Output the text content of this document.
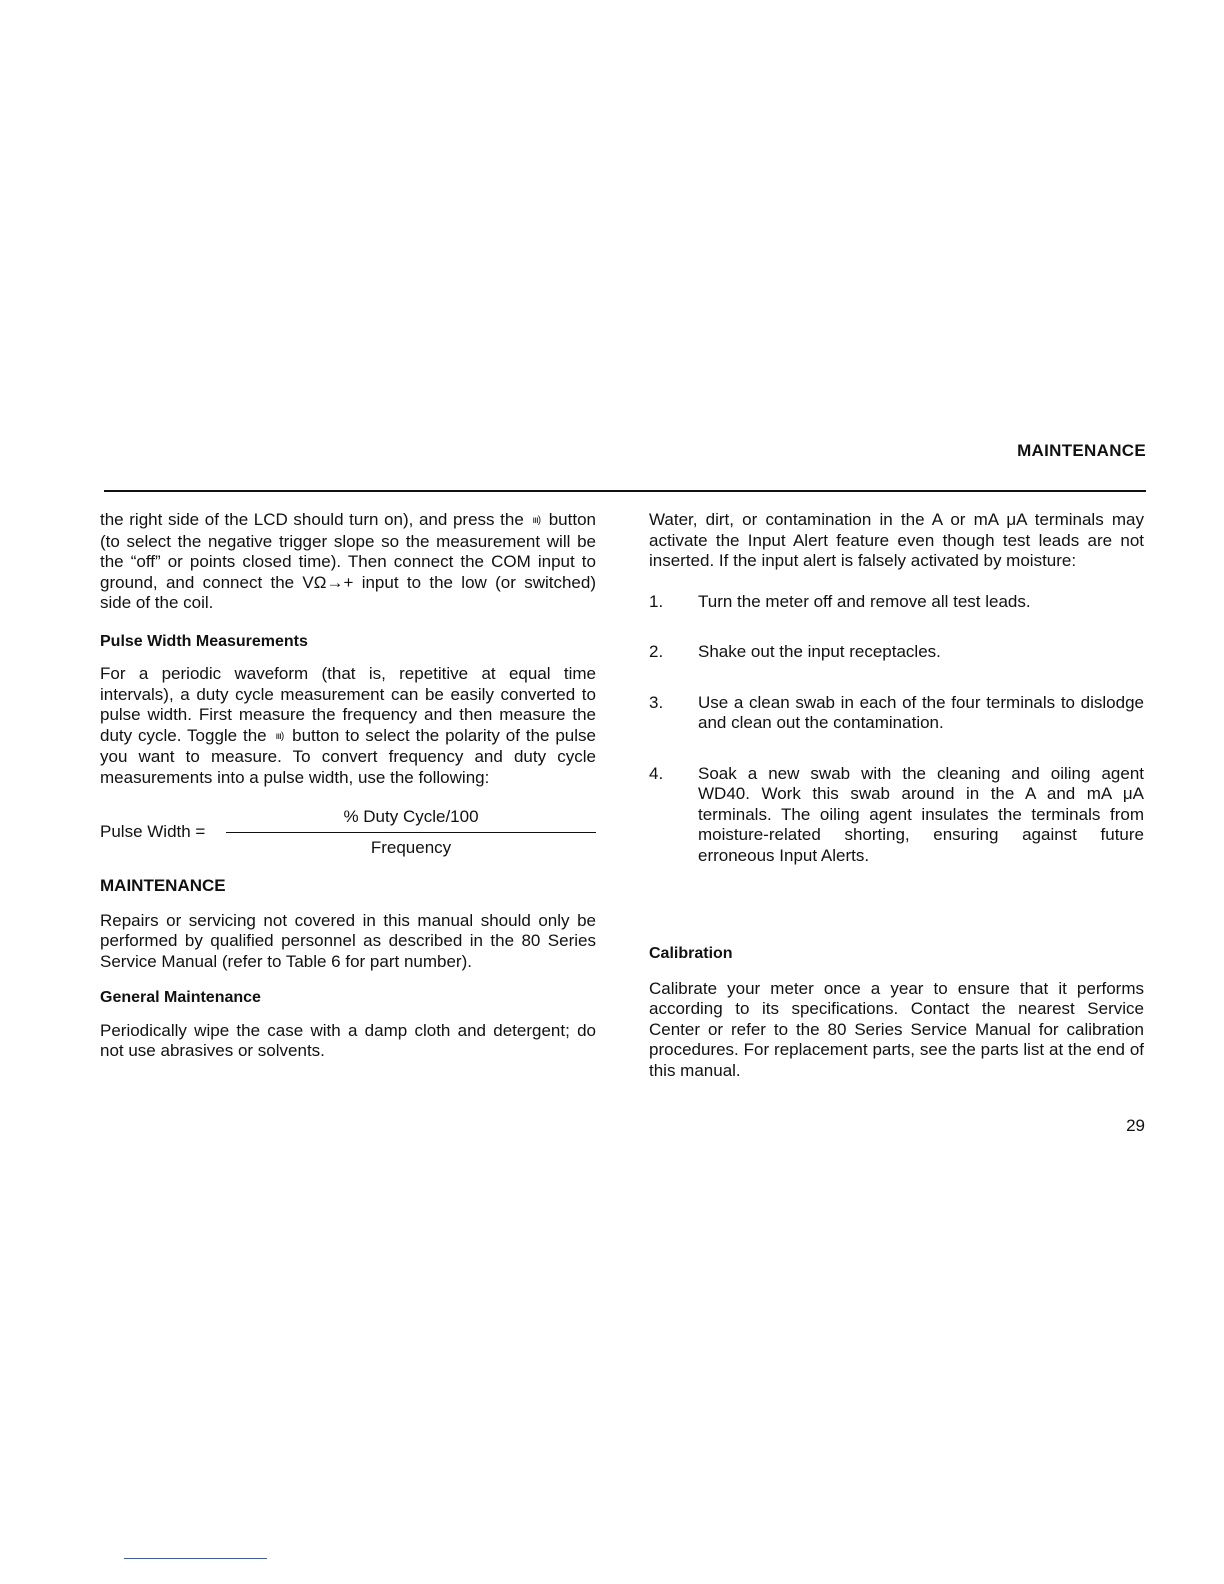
MAINTENANCE

the right side of the LCD should turn on), and press the ııı) button (to select the negative trigger slope so the measurement will be the “off” or points closed time). Then connect the COM input to ground, and connect the VΩ→+ input to the low (or switched) side of the coil.

Pulse Width Measurements

For a periodic waveform (that is, repetitive at equal time intervals), a duty cycle measurement can be easily converted to pulse width. First measure the frequency and then measure the duty cycle. Toggle the ııı) button to select the polarity of the pulse you want to measure. To convert frequency and duty cycle measurements into a pulse width, use the following:

Pulse Width =
% Duty Cycle/100
Frequency
MAINTENANCE

Repairs or servicing not covered in this manual should only be performed by qualified personnel as described in the 80 Series Service Manual (refer to Table 6 for part number).

General Maintenance

Periodically wipe the case with a damp cloth and detergent; do not use abrasives or solvents.

Water, dirt, or contamination in the A or mA μA terminals may activate the Input Alert feature even though test leads are not inserted. If the input alert is falsely activated by moisture:

1. Turn the meter off and remove all test leads.
2. Shake out the input receptacles.
3. Use a clean swab in each of the four terminals to dislodge and clean out the contamination.
4. Soak a new swab with the cleaning and oiling agent WD40. Work this swab around in the A and mA μA terminals. The oiling agent insulates the terminals from moisture-related shorting, ensuring against future erroneous Input Alerts.
Calibration

Calibrate your meter once a year to ensure that it performs according to its specifications. Contact the nearest Service Center or refer to the 80 Series Service Manual for calibration procedures. For replacement parts, see the parts list at the end of this manual.

29
